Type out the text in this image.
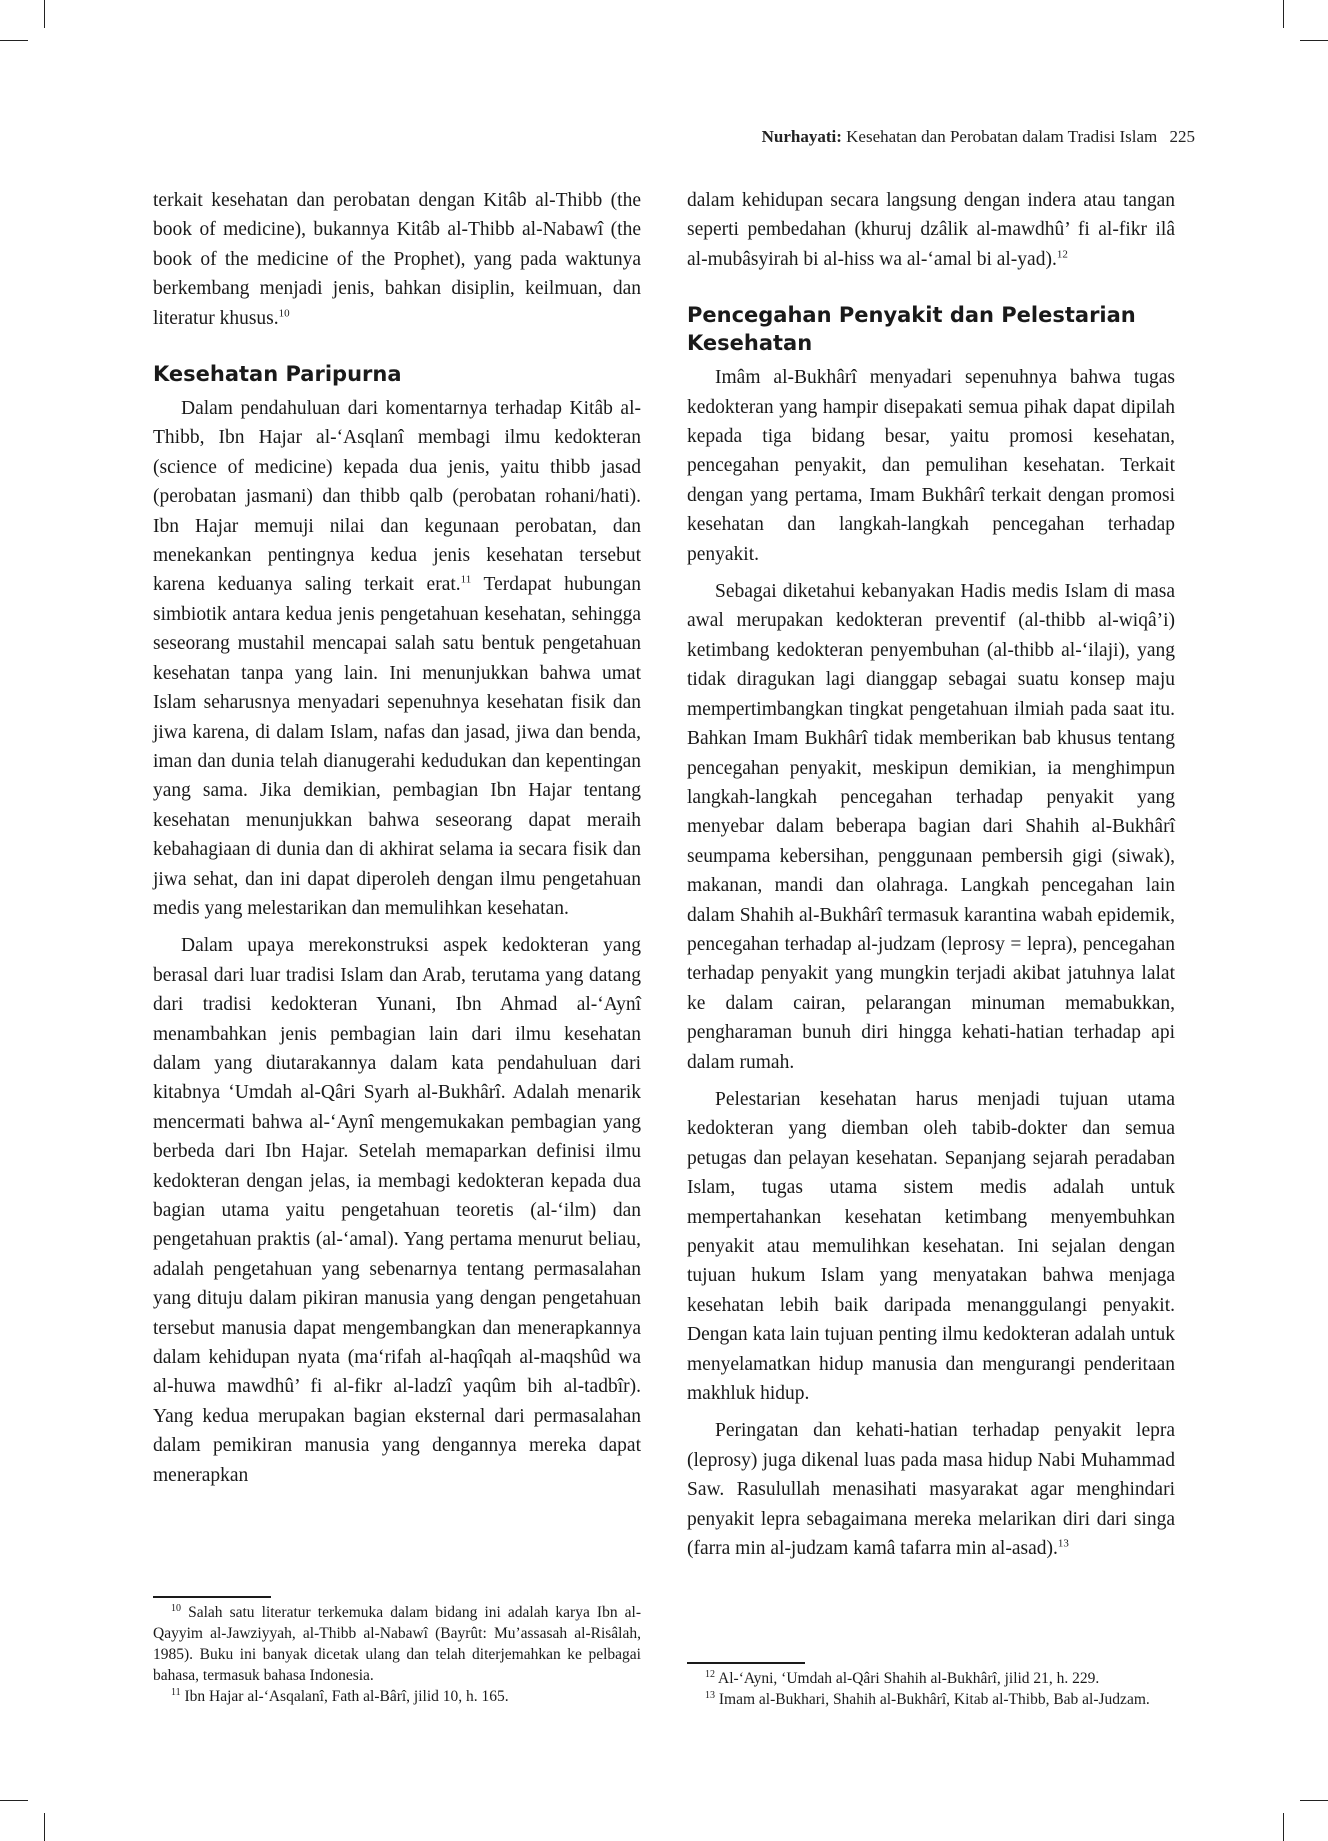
Nurhayati: Kesehatan dan Perobatan dalam Tradisi Islam 225

terkait kesehatan dan perobatan dengan Kitâb al-Thibb (the book of medicine), bukannya Kitâb al-Thibb al-Nabawî (the book of the medicine of the Prophet), yang pada waktunya berkembang menjadi jenis, bahkan disiplin, keilmuan, dan literatur khusus.$^{10}$

Kesehatan Paripurna

Dalam pendahuluan dari komentarnya terhadap Kitâb al-Thibb, Ibn Hajar al-‘Asqlanî membagi ilmu kedokteran (science of medicine) kepada dua jenis, yaitu thibb jasad (perobatan jasmani) dan thibb qalb (perobatan rohani/hati). Ibn Hajar memuji nilai dan kegunaan perobatan, dan menekankan pentingnya kedua jenis kesehatan tersebut karena keduanya saling terkait erat.$^{11}$ Terdapat hubungan simbiotik antara kedua jenis pengetahuan kesehatan, sehingga seseorang mustahil mencapai salah satu bentuk pengetahuan kesehatan tanpa yang lain. Ini menunjukkan bahwa umat Islam seharusnya menyadari sepenuhnya kesehatan fisik dan jiwa karena, di dalam Islam, nafas dan jasad, jiwa dan benda, iman dan dunia telah dianugerahi kedudukan dan kepentingan yang sama. Jika demikian, pembagian Ibn Hajar tentang kesehatan menunjukkan bahwa seseorang dapat meraih kebahagiaan di dunia dan di akhirat selama ia secara fisik dan jiwa sehat, dan ini dapat diperoleh dengan ilmu pengetahuan medis yang melestarikan dan memulihkan kesehatan.

Dalam upaya merekonstruksi aspek kedokteran yang berasal dari luar tradisi Islam dan Arab, terutama yang datang dari tradisi kedokteran Yunani, Ibn Ahmad al-‘Aynî menambahkan jenis pembagian lain dari ilmu kesehatan dalam yang diutarakannya dalam kata pendahuluan dari kitabnya ‘Umdah al-Qâri Syarh al-Bukhârî. Adalah menarik mencermati bahwa al-‘Aynî mengemukakan pembagian yang berbeda dari Ibn Hajar. Setelah memaparkan definisi ilmu kedokteran dengan jelas, ia membagi kedokteran kepada dua bagian utama yaitu pengetahuan teoretis (al-‘ilm) dan pengetahuan praktis (al-‘amal). Yang pertama menurut beliau, adalah pengetahuan yang sebenarnya tentang permasalahan yang dituju dalam pikiran manusia yang dengan pengetahuan tersebut manusia dapat mengembangkan dan menerapkannya dalam kehidupan nyata (ma‘rifah al-haqîqah al-maqshûd wa al-huwa mawdhû’ fi al-fikr al-ladzî yaqûm bih al-tadbîr). Yang kedua merupakan bagian eksternal dari permasalahan dalam pemikiran manusia yang dengannya mereka dapat menerapkan

$^{10}$ Salah satu literatur terkemuka dalam bidang ini adalah karya Ibn al-Qayyim al-Jawziyyah, al-Thibb al-Nabawî (Bayrût: Mu’assasah al-Risâlah, 1985). Buku ini banyak dicetak ulang dan telah diterjemahkan ke pelbagai bahasa, termasuk bahasa Indonesia.

$^{11}$ Ibn Hajar al-‘Asqalanî, Fath al-Bârî, jilid 10, h. 165.

dalam kehidupan secara langsung dengan indera atau tangan seperti pembedahan (khuruj dzâlik al-mawdhû’ fi al-fikr ilâ al-mubâsyirah bi al-hiss wa al-‘amal bi al-yad).$^{12}$

Pencegahan Penyakit dan Pelestarian Kesehatan

Imâm al-Bukhârî menyadari sepenuhnya bahwa tugas kedokteran yang hampir disepakati semua pihak dapat dipilah kepada tiga bidang besar, yaitu promosi kesehatan, pencegahan penyakit, dan pemulihan kesehatan. Terkait dengan yang pertama, Imam Bukhârî terkait dengan promosi kesehatan dan langkah-langkah pencegahan terhadap penyakit.

Sebagai diketahui kebanyakan Hadis medis Islam di masa awal merupakan kedokteran preventif (al-thibb al-wiqâ’i) ketimbang kedokteran penyembuhan (al-thibb al-‘ilaji), yang tidak diragukan lagi dianggap sebagai suatu konsep maju mempertimbangkan tingkat pengetahuan ilmiah pada saat itu. Bahkan Imam Bukhârî tidak memberikan bab khusus tentang pencegahan penyakit, meskipun demikian, ia menghimpun langkah-langkah pencegahan terhadap penyakit yang menyebar dalam beberapa bagian dari Shahih al-Bukhârî seumpama kebersihan, penggunaan pembersih gigi (siwak), makanan, mandi dan olahraga. Langkah pencegahan lain dalam Shahih al-Bukhârî termasuk karantina wabah epidemik, pencegahan terhadap al-judzam (leprosy = lepra), pencegahan terhadap penyakit yang mungkin terjadi akibat jatuhnya lalat ke dalam cairan, pelarangan minuman memabukkan, pengharaman bunuh diri hingga kehati-hatian terhadap api dalam rumah.

Pelestarian kesehatan harus menjadi tujuan utama kedokteran yang diemban oleh tabib-dokter dan semua petugas dan pelayan kesehatan. Sepanjang sejarah peradaban Islam, tugas utama sistem medis adalah untuk mempertahankan kesehatan ketimbang menyembuhkan penyakit atau memulihkan kesehatan. Ini sejalan dengan tujuan hukum Islam yang menyatakan bahwa menjaga kesehatan lebih baik daripada menanggulangi penyakit. Dengan kata lain tujuan penting ilmu kedokteran adalah untuk menyelamatkan hidup manusia dan mengurangi penderitaan makhluk hidup.

Peringatan dan kehati-hatian terhadap penyakit lepra (leprosy) juga dikenal luas pada masa hidup Nabi Muhammad Saw. Rasulullah menasihati masyarakat agar menghindari penyakit lepra sebagaimana mereka melarikan diri dari singa (farra min al-judzam kamâ tafarra min al-asad).$^{13}$

$^{12}$ Al-‘Ayni, ‘Umdah al-Qâri Shahih al-Bukhârî, jilid 21, h. 229.

$^{13}$ Imam al-Bukhari, Shahih al-Bukhârî, Kitab al-Thibb, Bab al-Judzam.
